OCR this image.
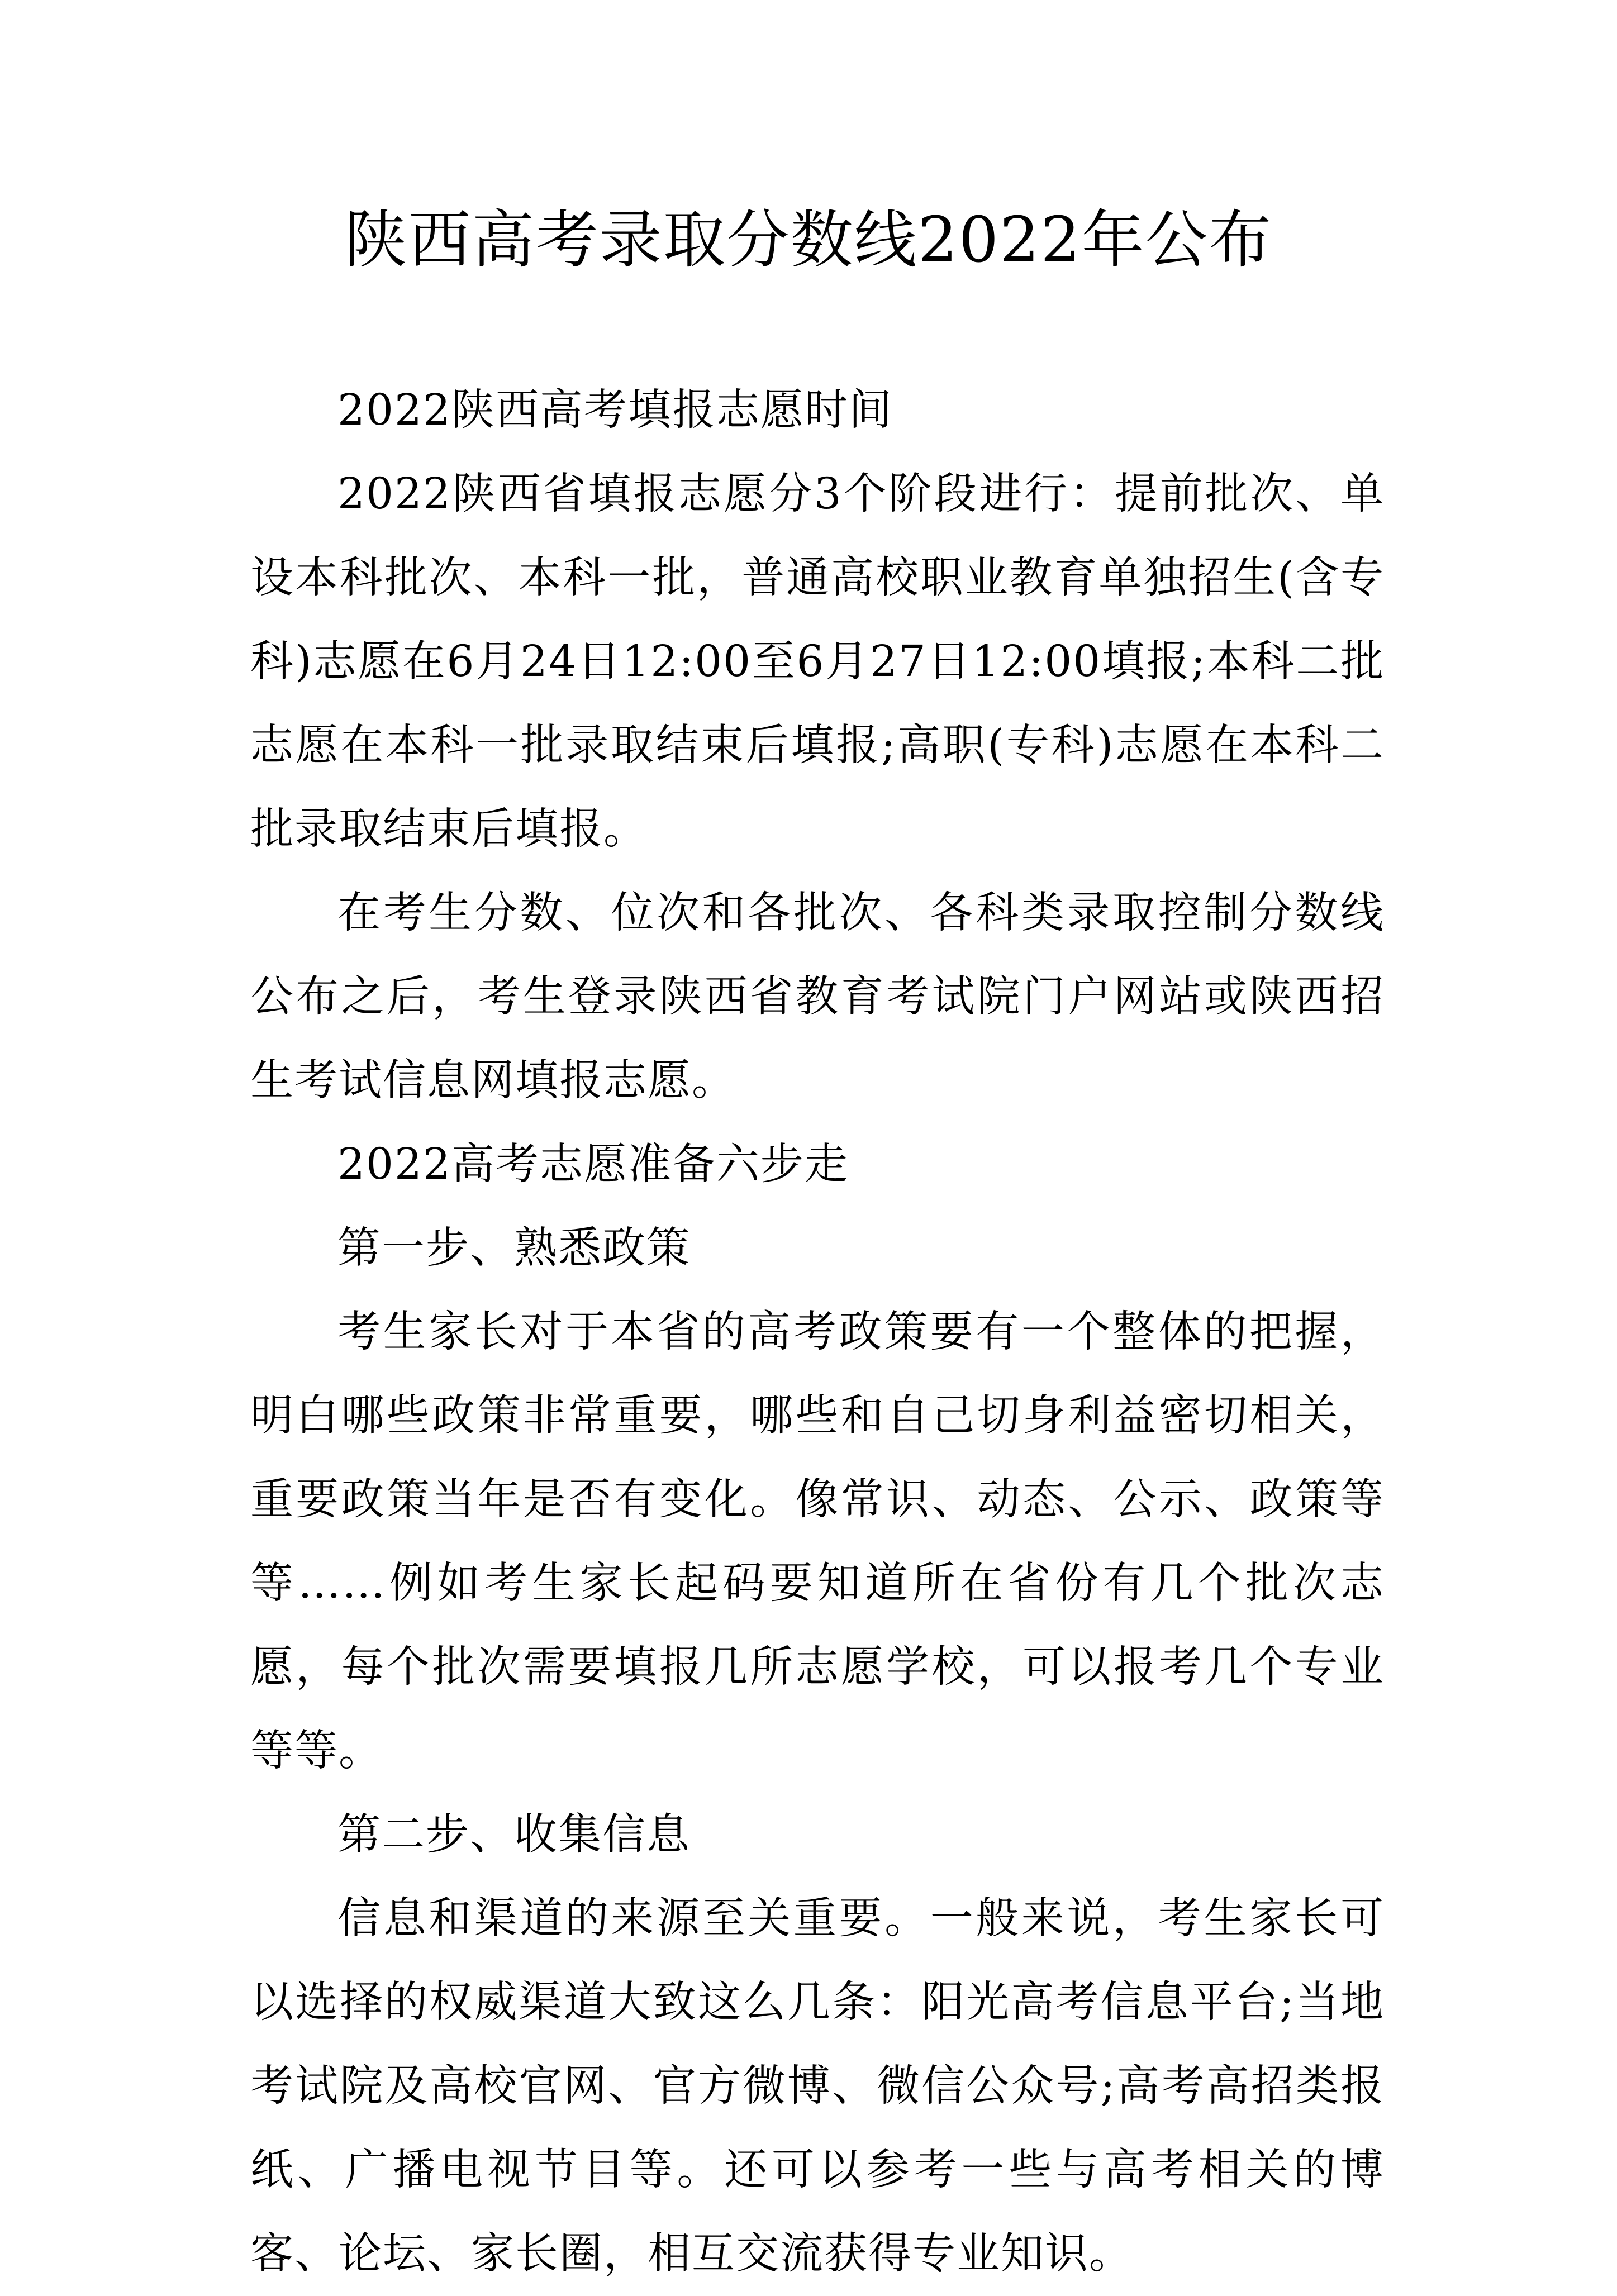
陕西高考录取分数线2022年公布

2022陕西高考填报志愿时间

2022陕西省填报志愿分3个阶段进行：提前批次、单设本科批次、本科一批，普通高校职业教育单独招生(含专科)志愿在6月24日12:00至6月27日12:00填报;本科二批志愿在本科一批录取结束后填报;高职(专科)志愿在本科二批录取结束后填报。

在考生分数、位次和各批次、各科类录取控制分数线公布之后，考生登录陕西省教育考试院门户网站或陕西招生考试信息网填报志愿。

2022高考志愿准备六步走

第一步、熟悉政策

考生家长对于本省的高考政策要有一个整体的把握，明白哪些政策非常重要，哪些和自己切身利益密切相关，重要政策当年是否有变化。像常识、动态、公示、政策等等……例如考生家长起码要知道所在省份有几个批次志愿，每个批次需要填报几所志愿学校，可以报考几个专业等等。

第二步、收集信息

信息和渠道的来源至关重要。一般来说，考生家长可以选择的权威渠道大致这么几条：阳光高考信息平台;当地考试院及高校官网、官方微博、微信公众号;高考高招类报纸、广播电视节目等。还可以参考一些与高考相关的博客、论坛、家长圈，相互交流获得专业知识。
